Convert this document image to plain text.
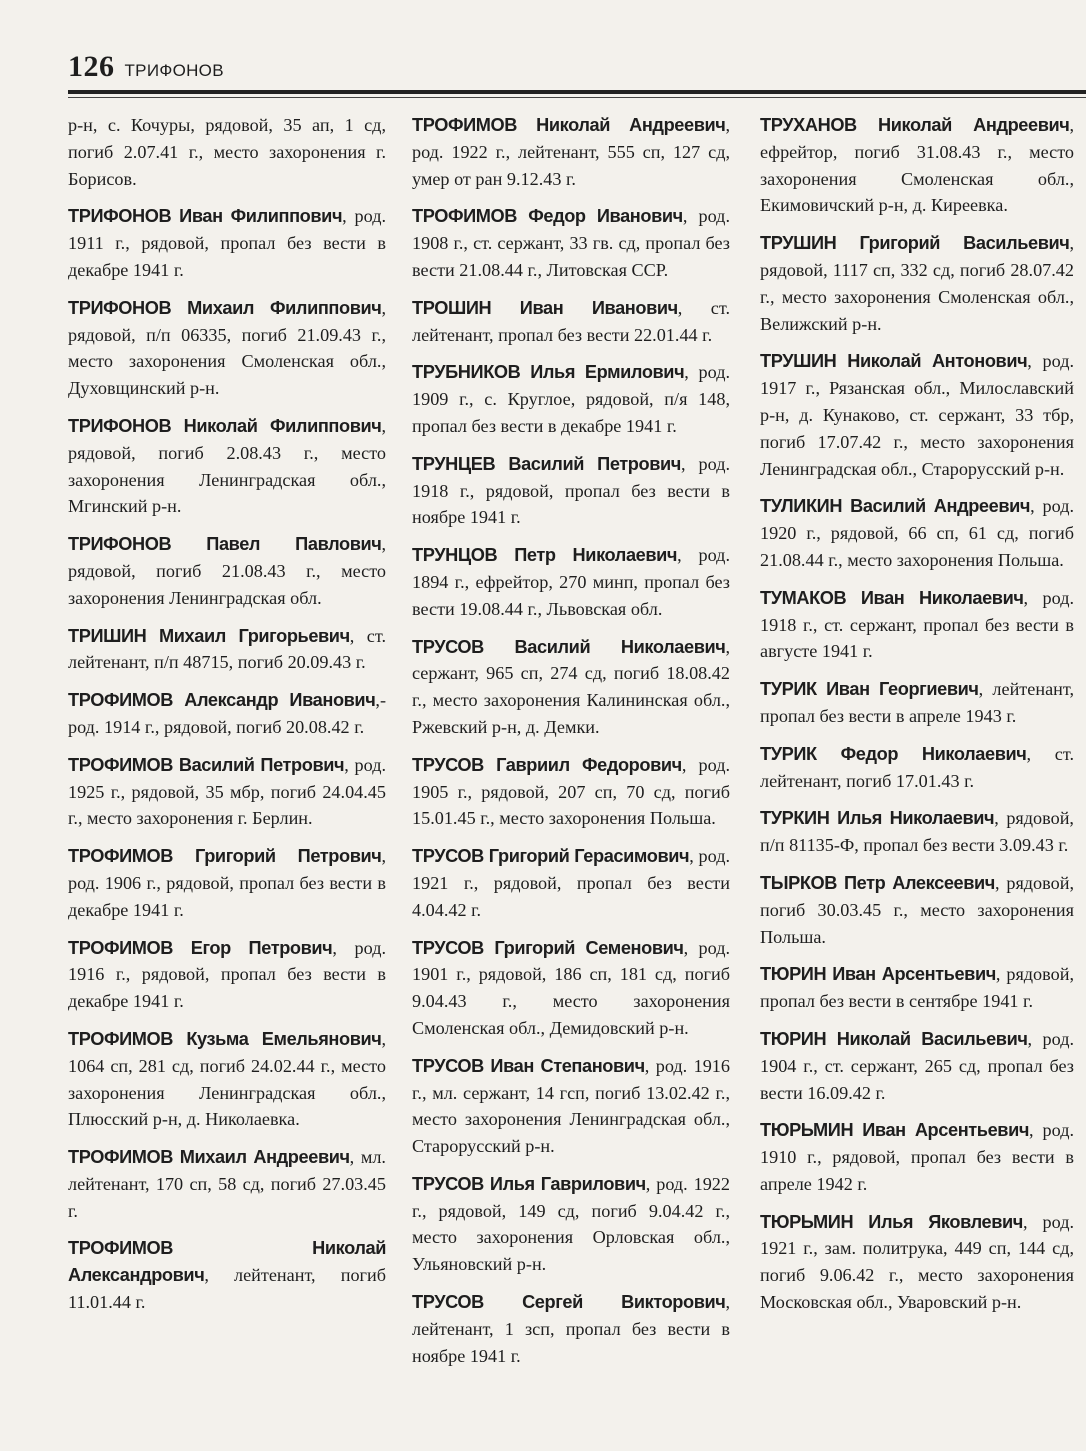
126 ТРИФОНОВ

р-н, с. Кочуры, рядовой, 35 ап, 1 сд, погиб 2.07.41 г., место захоронения г. Борисов.

ТРИФОНОВ Иван Филиппович, род. 1911 г., рядовой, пропал без вести в декабре 1941 г.

ТРИФОНОВ Михаил Филиппович, рядовой, п/п 06335, погиб 21.09.43 г., место захоронения Смоленская обл., Духовщинский р-н.

ТРИФОНОВ Николай Филиппович, рядовой, погиб 2.08.43 г., место захоронения Ленинградская обл., Мгинский р-н.

ТРИФОНОВ Павел Павлович, рядовой, погиб 21.08.43 г., место захоронения Ленинградская обл.

ТРИШИН Михаил Григорьевич, ст. лейтенант, п/п 48715, погиб 20.09.43 г.

ТРОФИМОВ Александр Иванович,- род. 1914 г., рядовой, погиб 20.08.42 г.

ТРОФИМОВ Василий Петрович, род. 1925 г., рядовой, 35 мбр, погиб 24.04.45 г., место захоронения г. Берлин.

ТРОФИМОВ Григорий Петрович, род. 1906 г., рядовой, пропал без вести в декабре 1941 г.

ТРОФИМОВ Егор Петрович, род. 1916 г., рядовой, пропал без вести в декабре 1941 г.

ТРОФИМОВ Кузьма Емельянович, 1064 сп, 281 сд, погиб 24.02.44 г., место захоронения Ленинградская обл., Плюсский р-н, д. Николаевка.

ТРОФИМОВ Михаил Андреевич, мл. лейтенант, 170 сп, 58 сд, погиб 27.03.45 г.

ТРОФИМОВ Николай Александрович, лейтенант, погиб 11.01.44 г.

ТРОФИМОВ Николай Андреевич, род. 1922 г., лейтенант, 555 сп, 127 сд, умер от ран 9.12.43 г.

ТРОФИМОВ Федор Иванович, род. 1908 г., ст. сержант, 33 гв. сд, пропал без вести 21.08.44 г., Литовская ССР.

ТРОШИН Иван Иванович, ст. лейтенант, пропал без вести 22.01.44 г.

ТРУБНИКОВ Илья Ермилович, род. 1909 г., с. Круглое, рядовой, п/я 148, пропал без вести в декабре 1941 г.

ТРУНЦЕВ Василий Петрович, род. 1918 г., рядовой, пропал без вести в ноябре 1941 г.

ТРУНЦОВ Петр Николаевич, род. 1894 г., ефрейтор, 270 минп, пропал без вести 19.08.44 г., Львовская обл.

ТРУСОВ Василий Николаевич, сержант, 965 сп, 274 сд, погиб 18.08.42 г., место захоронения Калининская обл., Ржевский р-н, д. Демки.

ТРУСОВ Гавриил Федорович, род. 1905 г., рядовой, 207 сп, 70 сд, погиб 15.01.45 г., место захоронения Польша.

ТРУСОВ Григорий Герасимович, род. 1921 г., рядовой, пропал без вести 4.04.42 г.

ТРУСОВ Григорий Семенович, род. 1901 г., рядовой, 186 сп, 181 сд, погиб 9.04.43 г., место захоронения Смоленская обл., Демидовский р-н.

ТРУСОВ Иван Степанович, род. 1916 г., мл. сержант, 14 гсп, погиб 13.02.42 г., место захоронения Ленинградская обл., Старорусский р-н.

ТРУСОВ Илья Гаврилович, род. 1922 г., рядовой, 149 сд, погиб 9.04.42 г., место захоронения Орловская обл., Ульяновский р-н.

ТРУСОВ Сергей Викторович, лейтенант, 1 зсп, пропал без вести в ноябре 1941 г.

ТРУХАНОВ Николай Андреевич, ефрейтор, погиб 31.08.43 г., место захоронения Смоленская обл., Екимовичский р-н, д. Киреевка.

ТРУШИН Григорий Васильевич, рядовой, 1117 сп, 332 сд, погиб 28.07.42 г., место захоронения Смоленская обл., Велижский р-н.

ТРУШИН Николай Антонович, род. 1917 г., Рязанская обл., Милославский р-н, д. Кунаково, ст. сержант, 33 тбр, погиб 17.07.42 г., место захоронения Ленинградская обл., Старорусский р-н.

ТУЛИКИН Василий Андреевич, род. 1920 г., рядовой, 66 сп, 61 сд, погиб 21.08.44 г., место захоронения Польша.

ТУМАКОВ Иван Николаевич, род. 1918 г., ст. сержант, пропал без вести в августе 1941 г.

ТУРИК Иван Георгиевич, лейтенант, пропал без вести в апреле 1943 г.

ТУРИК Федор Николаевич, ст. лейтенант, погиб 17.01.43 г.

ТУРКИН Илья Николаевич, рядовой, п/п 81135-Ф, пропал без вести 3.09.43 г.

ТЫРКОВ Петр Алексеевич, рядовой, погиб 30.03.45 г., место захоронения Польша.

ТЮРИН Иван Арсентьевич, рядовой, пропал без вести в сентябре 1941 г.

ТЮРИН Николай Васильевич, род. 1904 г., ст. сержант, 265 сд, пропал без вести 16.09.42 г.

ТЮРЬМИН Иван Арсентьевич, род. 1910 г., рядовой, пропал без вести в апреле 1942 г.

ТЮРЬМИН Илья Яковлевич, род. 1921 г., зам. политрука, 449 сп, 144 сд, погиб 9.06.42 г., место захоронения Московская обл., Уваровский р-н.
